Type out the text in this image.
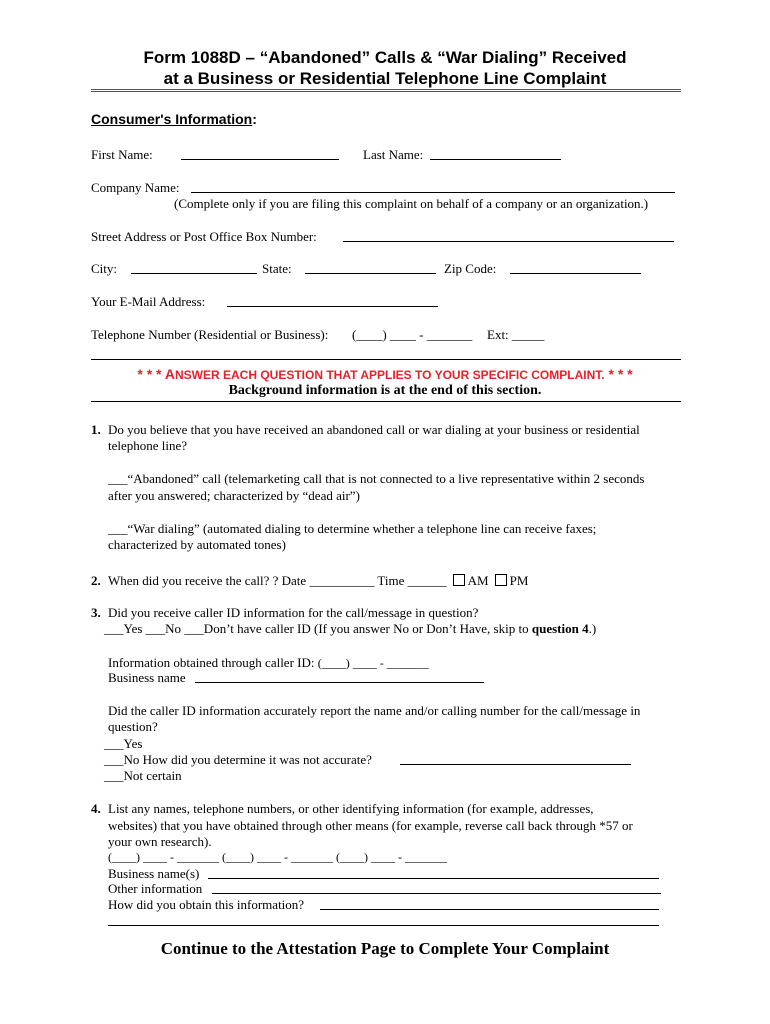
Form 1088D – “Abandoned” Calls & “War Dialing” Received
at a Business or Residential Telephone Line Complaint
Consumer's Information:
First Name:	Last Name:
Company Name:
(Complete only if you are filing this complaint on behalf of a company or an organization.)
Street Address or Post Office Box Number:
City:	State:	Zip Code:
Your E-Mail Address:
Telephone Number (Residential or Business): (____) ____ - _______ Ext: _____
* * * ANSWER EACH QUESTION THAT APPLIES TO YOUR SPECIFIC COMPLAINT. * * *
Background information is at the end of this section.
1. Do you believe that you have received an abandoned call or war dialing at your business or residential
telephone line?
___“Abandoned” call (telemarketing call that is not connected to a live representative within 2 seconds
after you answered; characterized by “dead air”)
___“War dialing” (automated dialing to determine whether a telephone line can receive faxes;
characterized by automated tones)
2. When did you receive the call? ? Date __________ Time ______ AM PM
3. Did you receive caller ID information for the call/message in question?
___Yes ___No ___Don’t have caller ID (If you answer No or Don’t Have, skip to question 4.)
Information obtained through caller ID: (____) ____ - _______
Business name
Did the caller ID information accurately report the name and/or calling number for the call/message in
question?
___Yes
___No How did you determine it was not accurate?
___Not certain
4. List any names, telephone numbers, or other identifying information (for example, addresses,
websites) that you have obtained through other means (for example, reverse call back through *57 or
your own research).
(____) ____ - _______ (____) ____ - _______ (____) ____ - _______
Business name(s)
Other information
How did you obtain this information?
Continue to the Attestation Page to Complete Your Complaint
